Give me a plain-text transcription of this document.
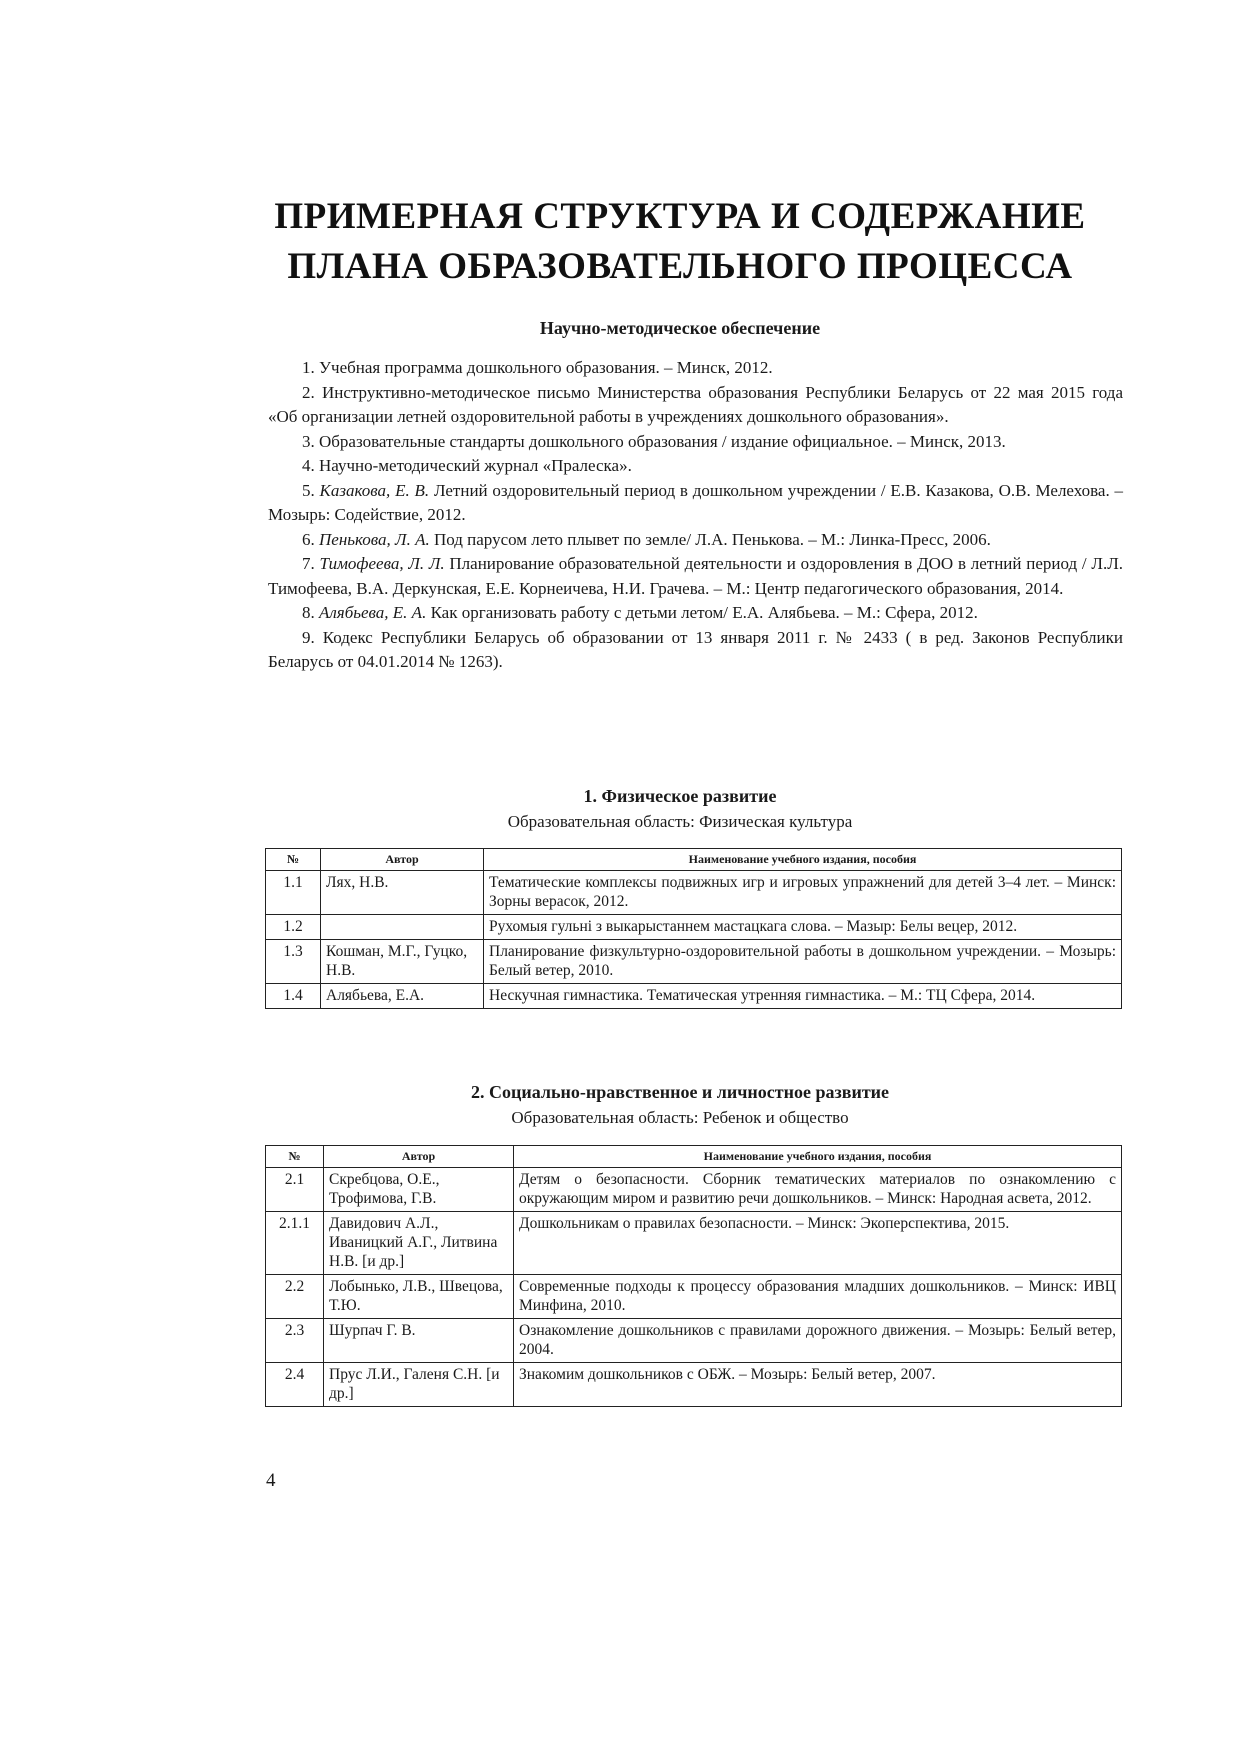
ПРИМЕРНАЯ СТРУКТУРА И СОДЕРЖАНИЕ
ПЛАНА ОБРАЗОВАТЕЛЬНОГО ПРОЦЕССА
Научно-методическое обеспечение

1. Учебная программа дошкольного образования. – Минск, 2012.

2. Инструктивно-методическое письмо Министерства образования Республики Беларусь от 22 мая 2015 года «Об организации летней оздоровительной работы в учреждениях дошкольного образования».

3. Образовательные стандарты дошкольного образования / издание официальное. – Минск, 2013.

4. Научно-методический журнал «Пралеска».

5. Казакова, Е. В. Летний оздоровительный период в дошкольном учреждении / Е.В. Казакова, О.В. Мелехова. – Мозырь: Содействие, 2012.

6. Пенькова, Л. А. Под парусом лето плывет по земле/ Л.А. Пенькова. – М.: Линка-Пресс, 2006.

7. Тимофеева, Л. Л. Планирование образовательной деятельности и оздоровления в ДОО в летний период / Л.Л. Тимофеева, В.А. Деркунская, Е.Е. Корнеичева, Н.И. Грачева. – М.: Центр педагогического образования, 2014.

8. Алябьева, Е. А. Как организовать работу с детьми летом/ Е.А. Алябьева. – М.: Сфера, 2012.

9. Кодекс Республики Беларусь об образовании от 13 января 2011 г. № 2433 ( в ред. Законов Республики Беларусь от 04.01.2014 № 1263).

1. Физическое развитие
Образовательная область: Физическая культура
№	Автор	Наименование учебного издания, пособия
1.1	Лях, Н.В.	Тематические комплексы подвижных игр и игровых упражнений для детей 3–4 лет. – Минск: Зорны верасок, 2012.
1.2		Рухомыя гульні з выкарыстаннем мастацкага слова. – Мазыр: Белы вецер, 2012.
1.3	Кошман, М.Г., Гуцко, Н.В.	Планирование физкультурно-оздоровительной работы в дошкольном учреждении. – Мозырь: Белый ветер, 2010.
1.4	Алябьева, Е.А.	Нескучная гимнастика. Тематическая утренняя гимнастика. – М.: ТЦ Сфера, 2014.
2. Социально-нравственное и личностное развитие
Образовательная область: Ребенок и общество
№	Автор	Наименование учебного издания, пособия
2.1	Скребцова, О.Е., Трофимова, Г.В.	Детям о безопасности. Сборник тематических материалов по ознакомлению с окружающим миром и развитию речи дошкольников. – Минск: Народная асвета, 2012.
2.1.1	Давидович А.Л., Иваницкий А.Г., Литвина Н.В. [и др.]	Дошкольникам о правилах безопасности. – Минск: Экоперспектива, 2015.
2.2	Лобынько, Л.В., Швецова, Т.Ю.	Современные подходы к процессу образования младших дошкольников. – Минск: ИВЦ Минфина, 2010.
2.3	Шурпач Г. В.	Ознакомление дошкольников с правилами дорожного движения. – Мозырь: Белый ветер, 2004.
2.4	Прус Л.И., Галеня С.Н. [и др.]	Знакомим дошкольников с ОБЖ. – Мозырь: Белый ветер, 2007.
4
